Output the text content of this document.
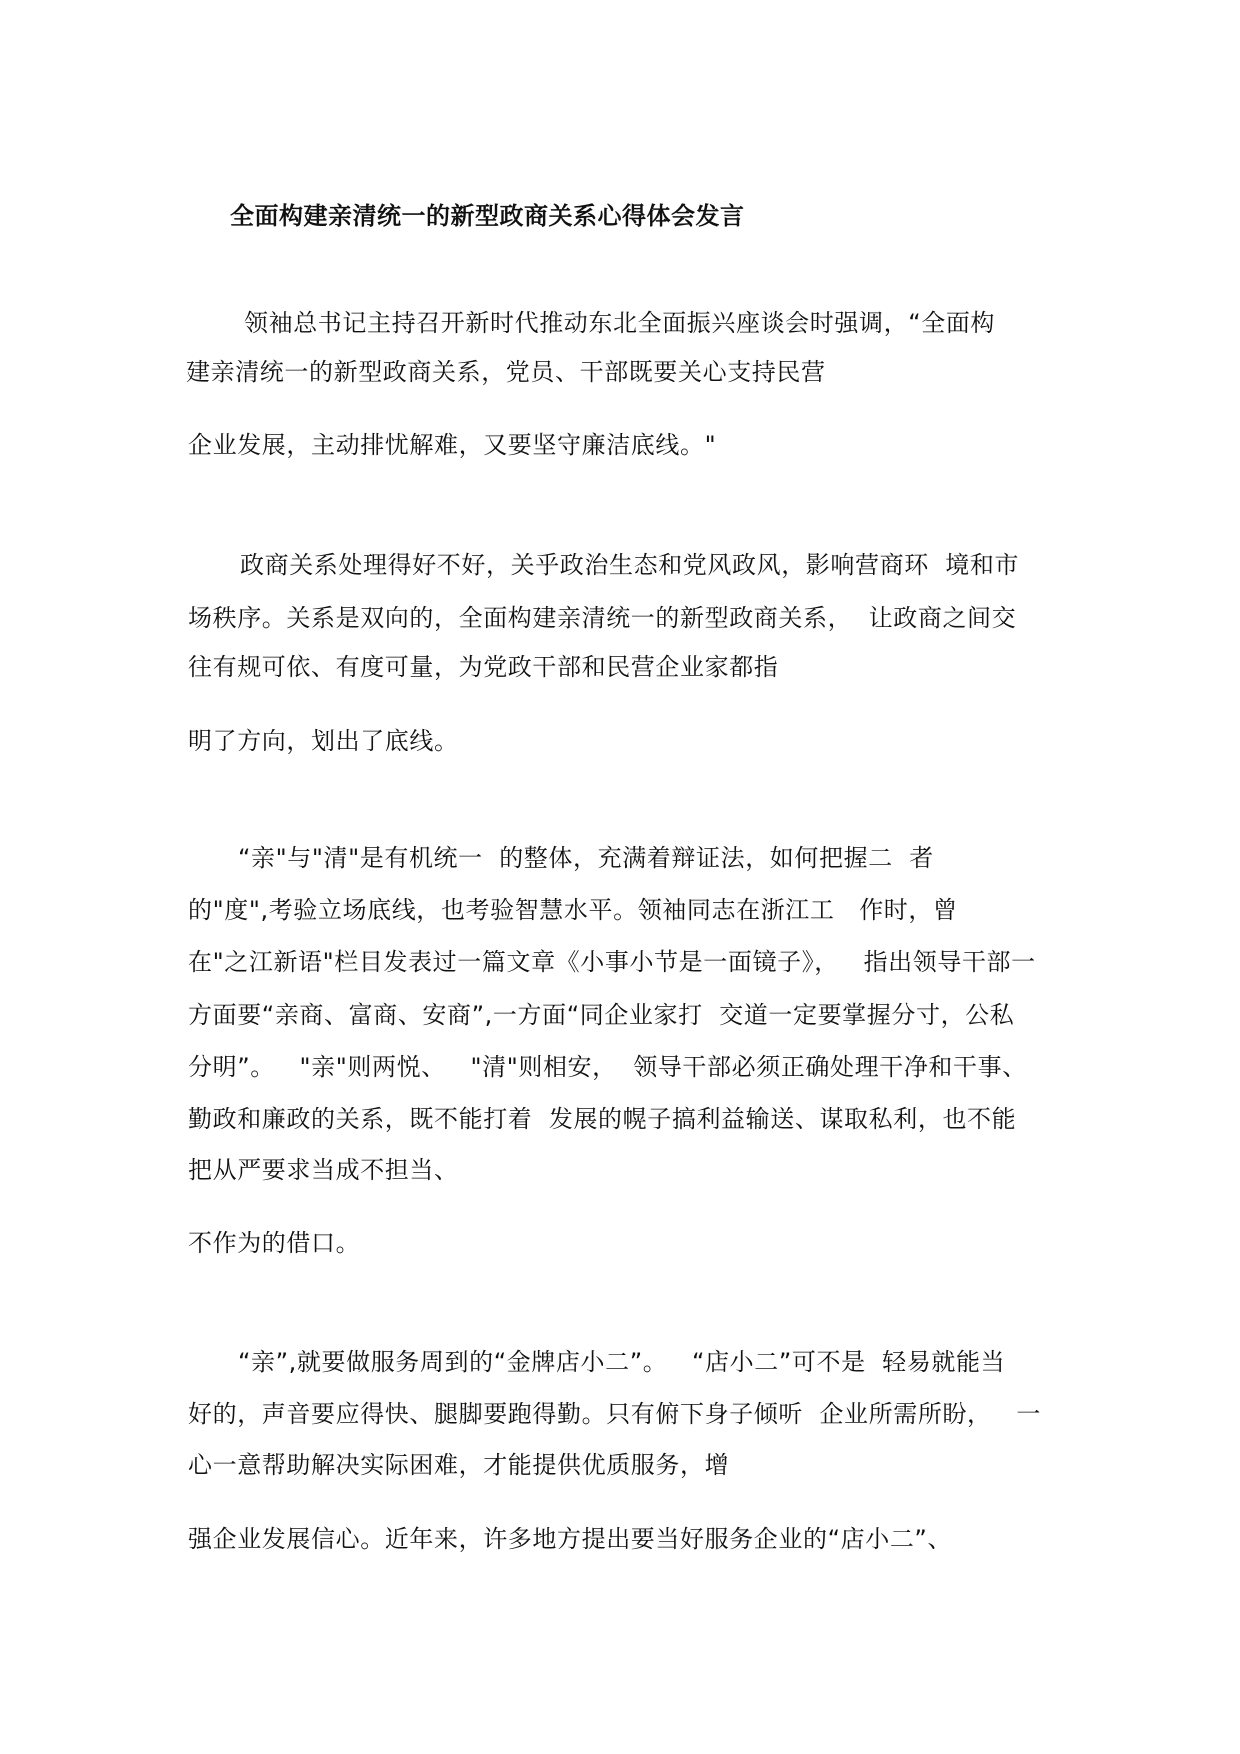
全面构建亲清统一的新型政商关系心得体会发言
领袖总书记主持召开新时代推动东北全面振兴座谈会时强调，“全面构
建亲清统一的新型政商关系，党员、干部既要关心支持民营
企业发展，主动排忧解难，又要坚守廉洁底线。"
政商关系处理得好不好，关乎政治生态和党风政风，影响营商环  境和市
场秩序。关系是双向的，全面构建亲清统一的新型政商关系，  让政商之间交
往有规可依、有度可量，为党政干部和民营企业家都指
明了方向，划出了底线。
“亲"与"清"是有机统一  的整体，充满着辩证法，如何把握二  者
的"度",考验立场底线，也考验智慧水平。领袖同志在浙江工   作时，曾
在"之江新语"栏目发表过一篇文章《小事小节是一面镜子》，   指出领导干部一
方面要“亲商、富商、安商”,一方面“同企业家打  交道一定要掌握分寸，公私
分明”。   "亲"则两悦、   "清"则相安，  领导干部必须正确处理干净和干事、
勤政和廉政的关系，既不能打着  发展的幌子搞利益输送、谋取私利，也不能
把从严要求当成不担当、
不作为的借口。
“亲”,就要做服务周到的“金牌店小二”。   “店小二”可不是  轻易就能当
好的，声音要应得快、腿脚要跑得勤。只有俯下身子倾听  企业所需所盼，   一
心一意帮助解决实际困难，才能提供优质服务，增
强企业发展信心。近年来，许多地方提出要当好服务企业的“店小二”、
